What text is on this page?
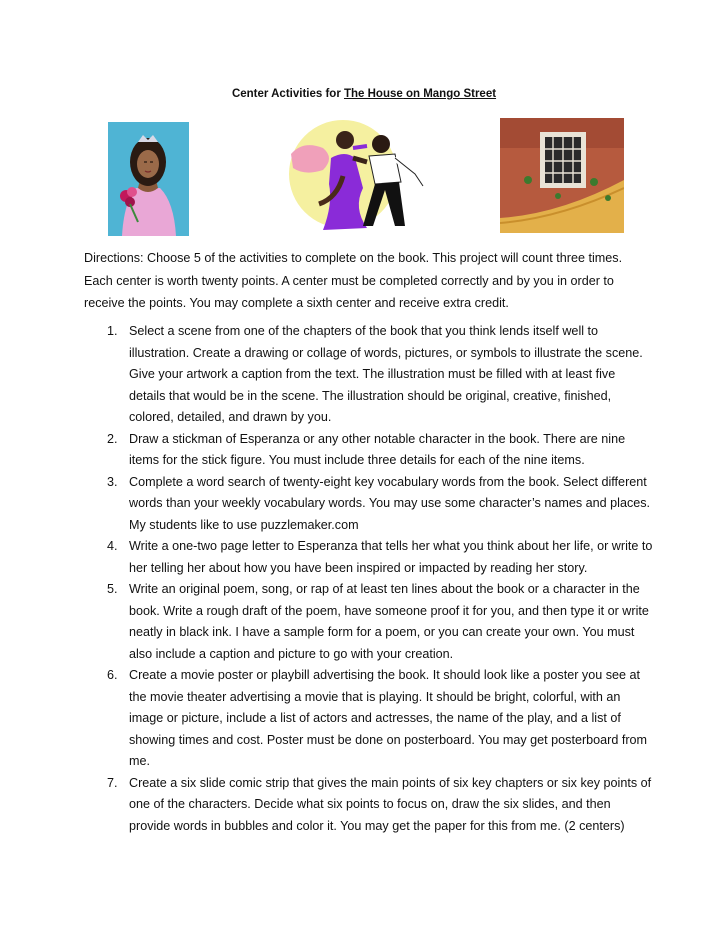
Center Activities for The House on Mango Street
Directions: Choose 5 of the activities to complete on the book. This project will count three times. Each center is worth twenty points. A center must be completed correctly and by you in order to receive the points. You may complete a sixth center and receive extra credit.
1. Select a scene from one of the chapters of the book that you think lends itself well to illustration. Create a drawing or collage of words, pictures, or symbols to illustrate the scene. Give your artwork a caption from the text. The illustration must be filled with at least five details that would be in the scene. The illustration should be original, creative, finished, colored, detailed, and drawn by you.
2. Draw a stickman of Esperanza or any other notable character in the book. There are nine items for the stick figure. You must include three details for each of the nine items.
3. Complete a word search of twenty-eight key vocabulary words from the book. Select different words than your weekly vocabulary words. You may use some character’s names and places. My students like to use puzzlemaker.com
4. Write a one-two page letter to Esperanza that tells her what you think about her life, or write to her telling her about how you have been inspired or impacted by reading her story.
5. Write an original poem, song, or rap of at least ten lines about the book or a character in the book. Write a rough draft of the poem, have someone proof it for you, and then type it or write neatly in black ink. I have a sample form for a poem, or you can create your own. You must also include a caption and picture to go with your creation.
6. Create a movie poster or playbill advertising the book. It should look like a poster you see at the movie theater advertising a movie that is playing. It should be bright, colorful, with an image or picture, include a list of actors and actresses, the name of the play, and a list of showing times and cost. Poster must be done on posterboard. You may get posterboard from me.
7. Create a six slide comic strip that gives the main points of six key chapters or six key points of one of the characters. Decide what six points to focus on, draw the six slides, and then provide words in bubbles and color it. You may get the paper for this from me. (2 centers)
